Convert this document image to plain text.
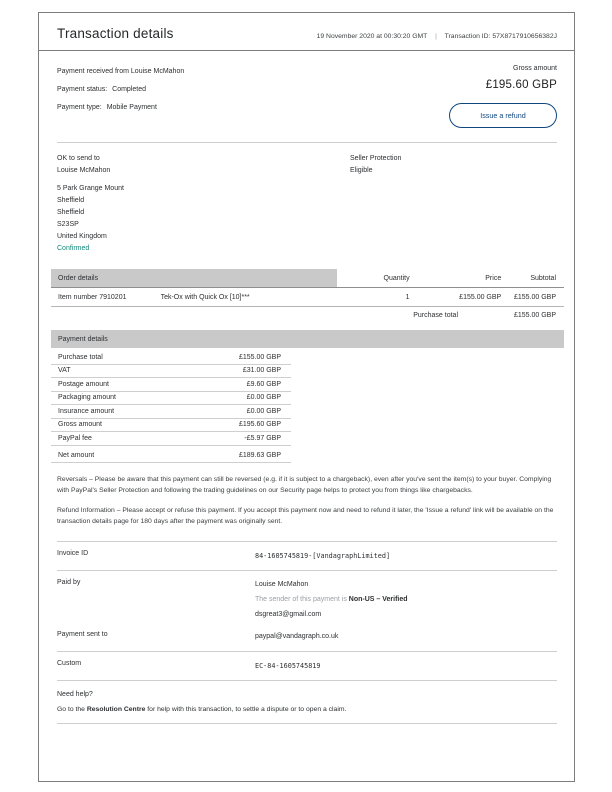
Transaction details	19 November 2020 at 00:30:20 GMT | Transaction ID: 57X8717910656382J
Payment received from Louise McMahon
Payment status: Completed
Payment type: Mobile Payment
Gross amount
£195.60 GBP
Issue a refund
OK to send to
Louise McMahon
5 Park Grange Mount
Sheffield
Sheffield
S23SP
United Kingdom
Confirmed
Seller Protection
Eligible
Order details	Quantity	Price	Subtotal
Item number 7910201	Tek-Ox with Quick Ox [10]***	1	£155.00 GBP	£155.00 GBP
Purchase total	£155.00 GBP
Payment details
Purchase total	£155.00 GBP
VAT	£31.00 GBP
Postage amount	£9.60 GBP
Packaging amount	£0.00 GBP
Insurance amount	£0.00 GBP
Gross amount	£195.60 GBP
PayPal fee	-£5.97 GBP
Net amount	£189.63 GBP

Reversals – Please be aware that this payment can still be reversed (e.g. if it is subject to a chargeback), even after you've sent the item(s) to your buyer. Complying with PayPal's Seller Protection and following the trading guidelines on our Security page helps to protect you from things like chargebacks.

Refund Information – Please accept or refuse this payment. If you accept this payment now and need to refund it later, the 'Issue a refund' link will be available on the transaction details page for 180 days after the payment was originally sent.

Invoice ID	84-1605745819-[VandagraphLimited]
Paid by	Louise McMahon
The sender of this payment is Non-US – Verified
dsgreat3@gmail.com
Payment sent to	paypal@vandagraph.co.uk
Custom	EC-84-1605745819
Need help?
Go to the Resolution Centre for help with this transaction, to settle a dispute or to open a claim.
